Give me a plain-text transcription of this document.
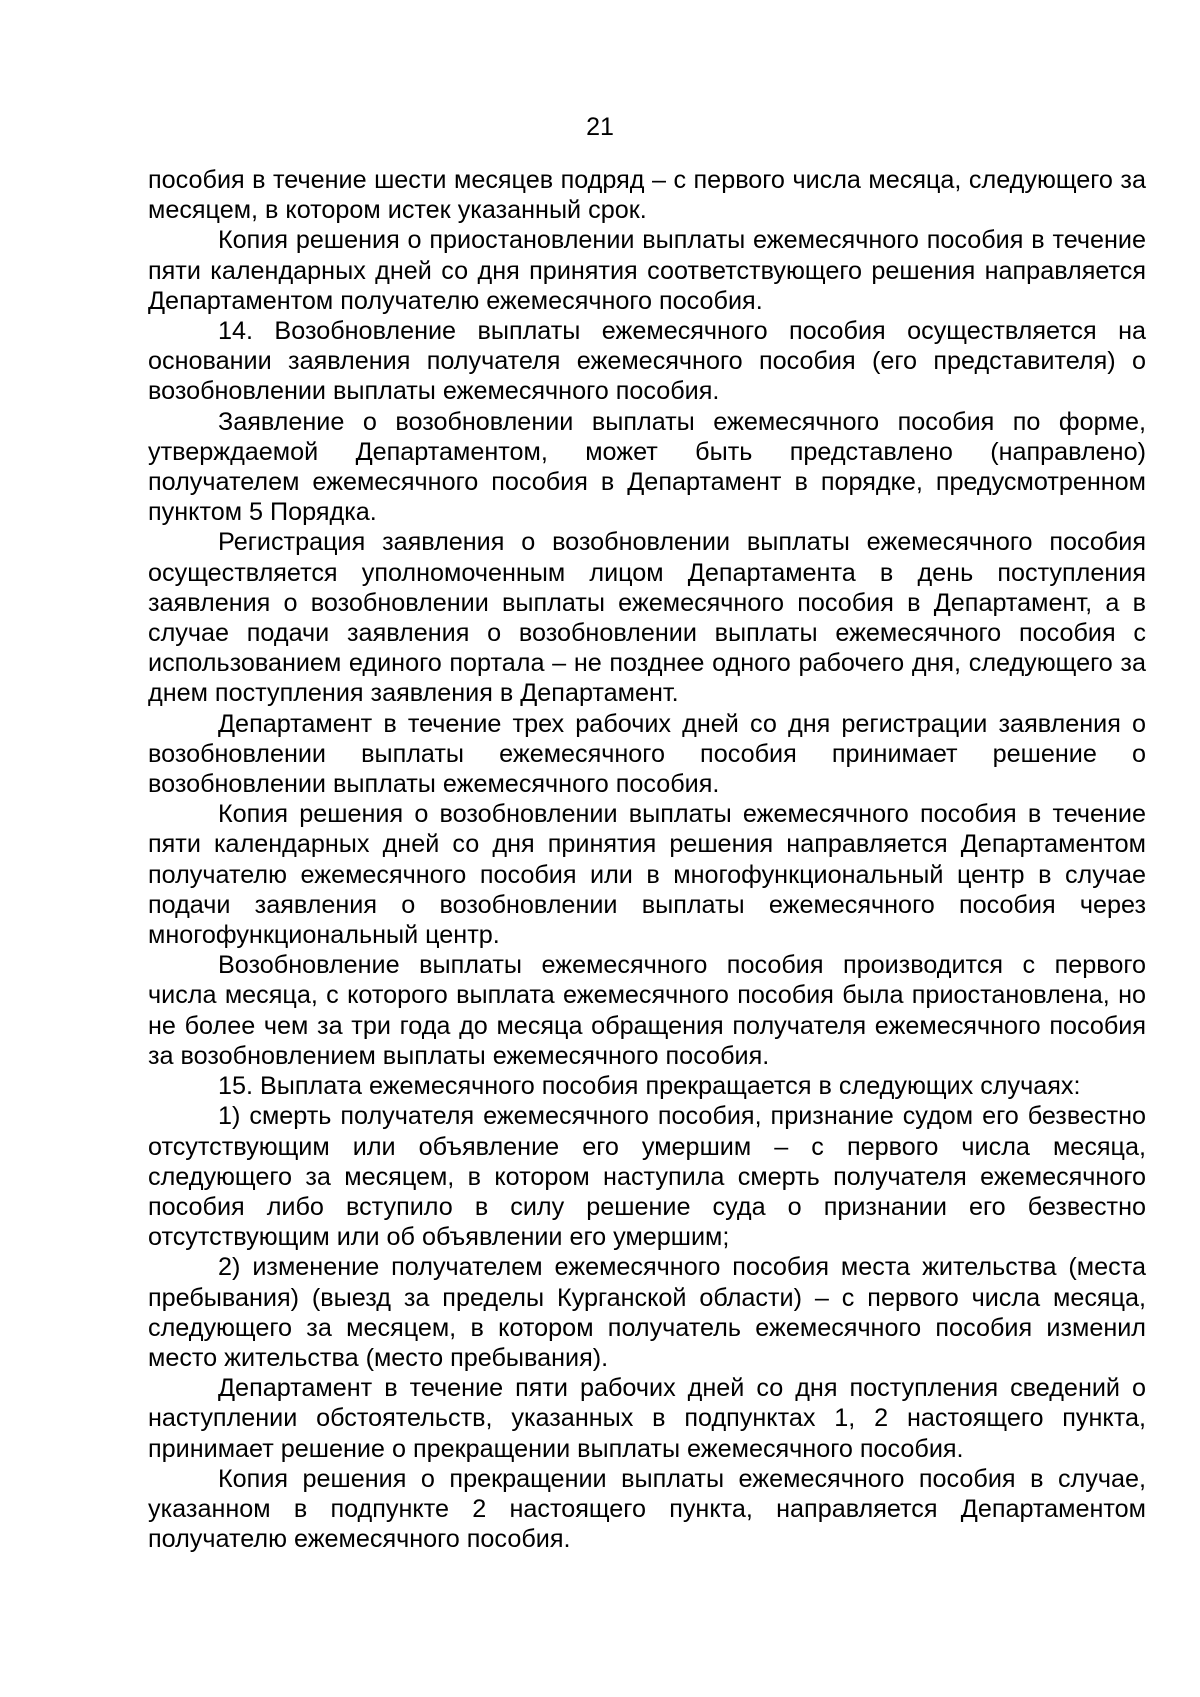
21

пособия в течение шести месяцев подряд – с первого числа месяца, следующего за месяцем, в котором истек указанный срок.

Копия решения о приостановлении выплаты ежемесячного пособия в течение пяти календарных дней со дня принятия соответствующего решения направляется Департаментом получателю ежемесячного пособия.

14. Возобновление выплаты ежемесячного пособия осуществляется на основании заявления получателя ежемесячного пособия (его представителя) о возобновлении выплаты ежемесячного пособия.

Заявление о возобновлении выплаты ежемесячного пособия по форме, утверждаемой Департаментом, может быть представлено (направлено) получателем ежемесячного пособия в Департамент в порядке, предусмотренном пунктом 5 Порядка.

Регистрация заявления о возобновлении выплаты ежемесячного пособия осуществляется уполномоченным лицом Департамента в день поступления заявления о возобновлении выплаты ежемесячного пособия в Департамент, а в случае подачи заявления о возобновлении выплаты ежемесячного пособия с использованием единого портала – не позднее одного рабочего дня, следующего за днем поступления заявления в Департамент.

Департамент в течение трех рабочих дней со дня регистрации заявления о возобновлении выплаты ежемесячного пособия принимает решение о возобновлении выплаты ежемесячного пособия.

Копия решения о возобновлении выплаты ежемесячного пособия в течение пяти календарных дней со дня принятия решения направляется Департаментом получателю ежемесячного пособия или в многофункциональный центр в случае подачи заявления о возобновлении выплаты ежемесячного пособия через многофункциональный центр.

Возобновление выплаты ежемесячного пособия производится с первого числа месяца, с которого выплата ежемесячного пособия была приостановлена, но не более чем за три года до месяца обращения получателя ежемесячного пособия за возобновлением выплаты ежемесячного пособия.

15. Выплата ежемесячного пособия прекращается в следующих случаях:

1) смерть получателя ежемесячного пособия, признание судом его безвестно отсутствующим или объявление его умершим – с первого числа месяца, следующего за месяцем, в котором наступила смерть получателя ежемесячного пособия либо вступило в силу решение суда о признании его безвестно отсутствующим или об объявлении его умершим;

2) изменение получателем ежемесячного пособия места жительства (места пребывания) (выезд за пределы Курганской области) – с первого числа месяца, следующего за месяцем, в котором получатель ежемесячного пособия изменил место жительства (место пребывания).

Департамент в течение пяти рабочих дней со дня поступления сведений о наступлении обстоятельств, указанных в подпунктах 1, 2 настоящего пункта, принимает решение о прекращении выплаты ежемесячного пособия.

Копия решения о прекращении выплаты ежемесячного пособия в случае, указанном в подпункте 2 настоящего пункта, направляется Департаментом получателю ежемесячного пособия.
